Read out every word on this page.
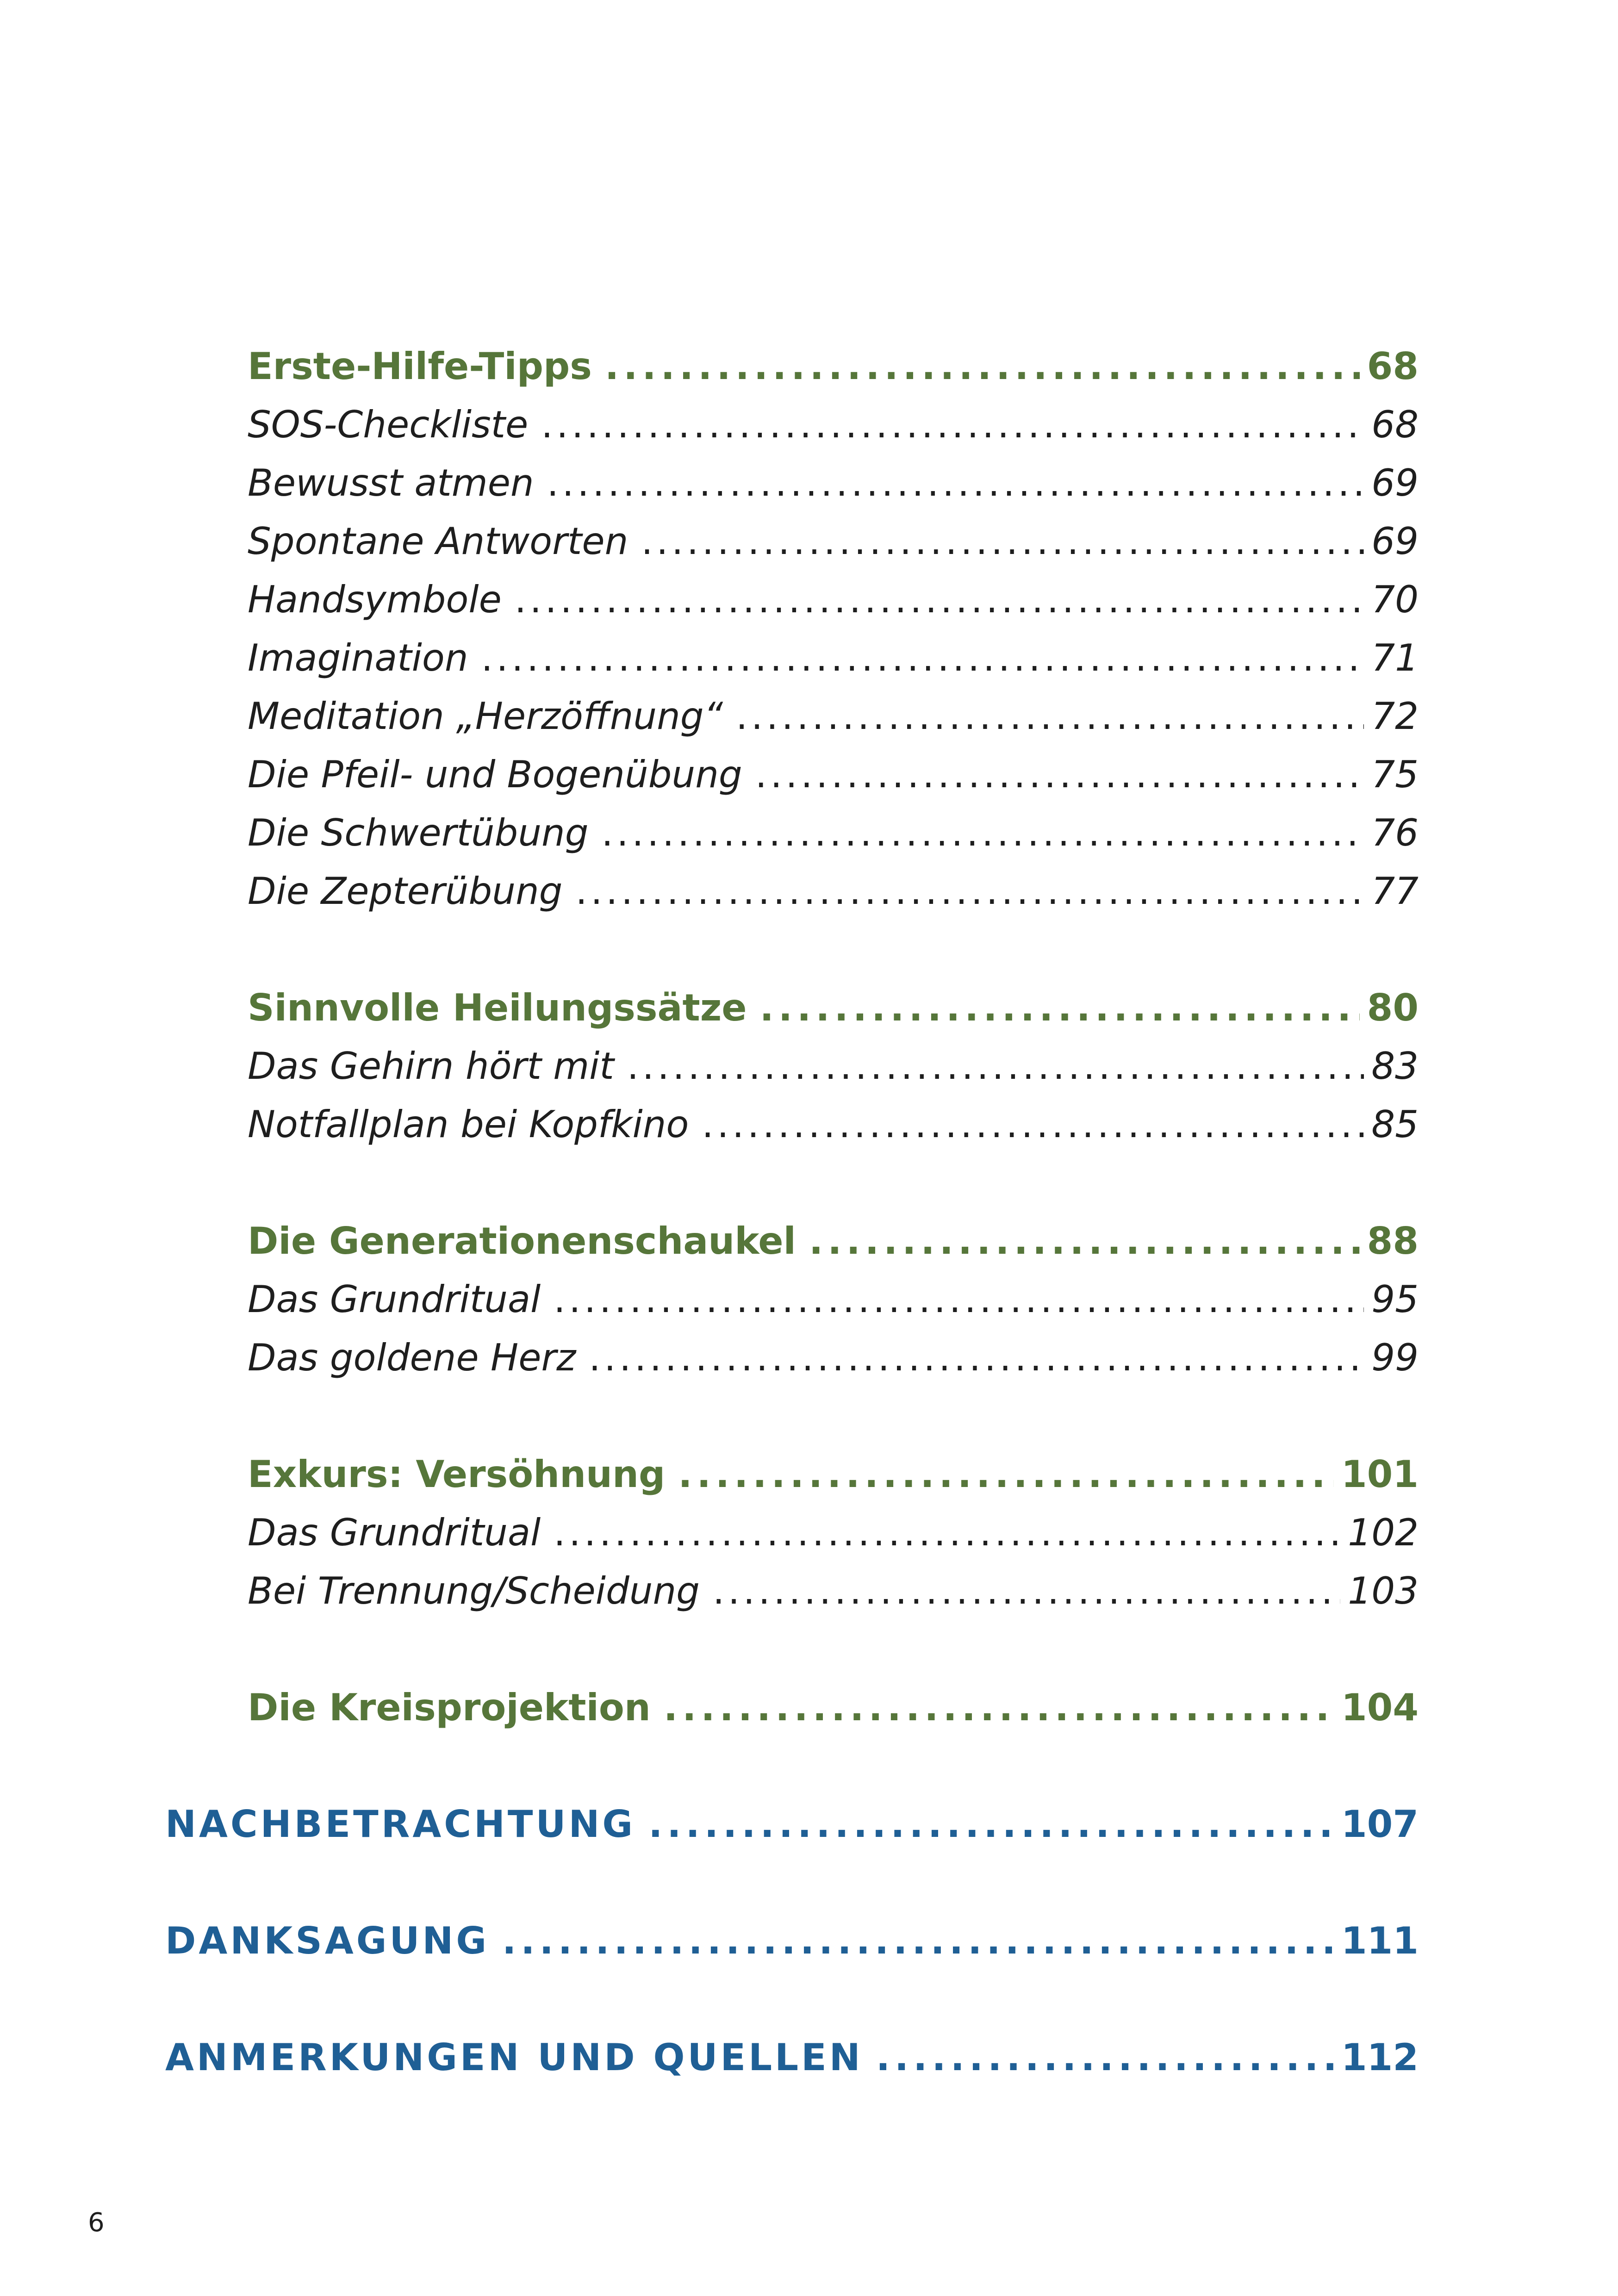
Erste-Hilfe-Tipps . . .	68
SOS-Checkliste . . .	68
Bewusst atmen . . .	69
Spontane Antworten . . .	69
Handsymbole . . .	70
Imagination . . .	71
Meditation „Herzöffnung“ . . .	72
Die Pfeil- und Bogenübung . . .	75
Die Schwertübung . . .	76
Die Zepterübung . . .	77
Sinnvolle Heilungssätze . . .	80
Das Gehirn hört mit . . .	83
Notfallplan bei Kopfkino . . .	85
Die Generationenschaukel . . .	88
Das Grundritual . . .	95
Das goldene Herz . . .	99
Exkurs: Versöhnung . . .	101
Das Grundritual . . .	102
Bei Trennung/Scheidung . . .	103
Die Kreisprojektion . . .	104
NACHBETRACHTUNG . . .	107
DANKSAGUNG . . .	111
ANMERKUNGEN UND QUELLEN . . .	112
6
